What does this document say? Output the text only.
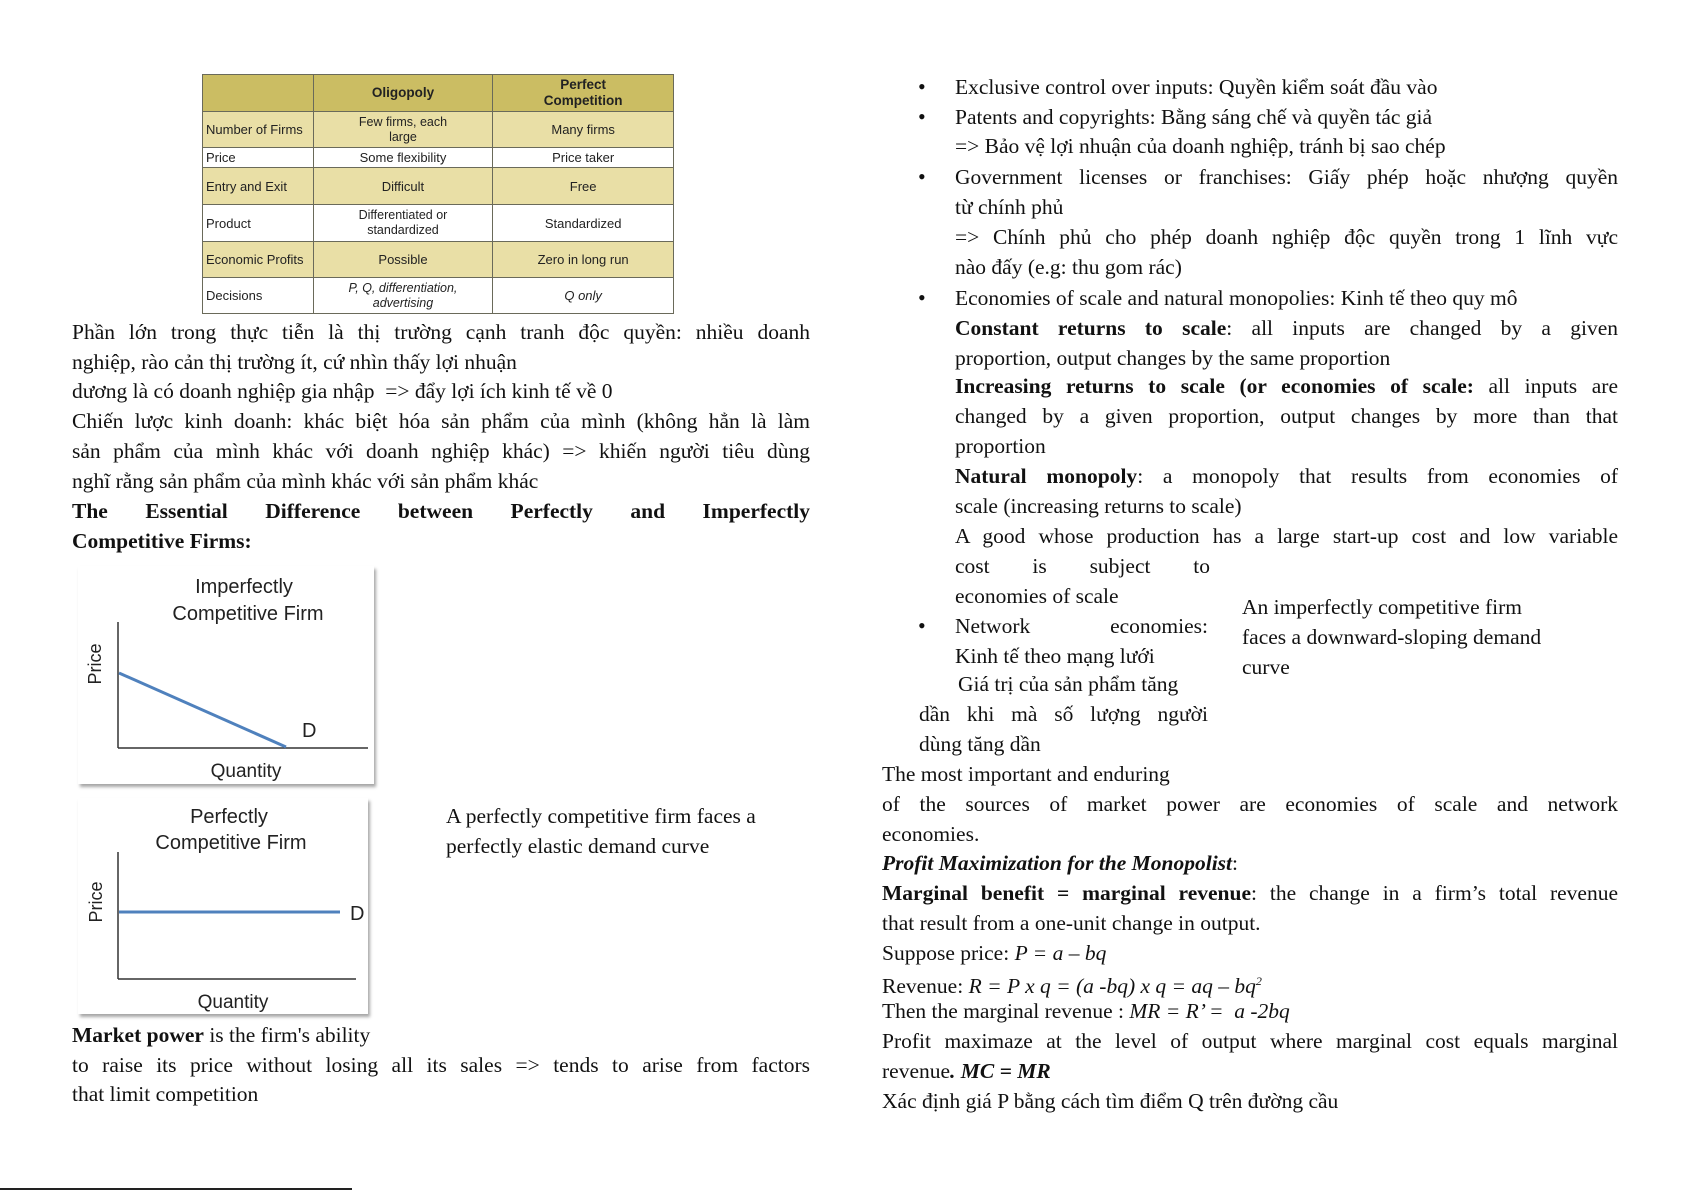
	Oligopoly	Perfect Competition
Number of Firms	Few firms, each large	Many firms
Price	Some flexibility	Price taker
Entry and Exit	Difficult	Free
Product	Differentiated or standardized	Standardized
Economic Profits	Possible	Zero in long run
Decisions	P, Q, differentiation, advertising	Q only
Phần lớn trong thực tiễn là thị trường cạnh tranh độc quyền: nhiều doanh
nghiệp, rào cản thị trường ít, cứ nhìn thấy lợi nhuận
dương là có doanh nghiệp gia nhập  => đẩy lợi ích kinh tế về 0
Chiến lược kinh doanh: khác biệt hóa sản phẩm của mình (không hẳn là làm
sản phẩm của mình khác với doanh nghiệp khác) => khiến người tiêu dùng
nghĩ rằng sản phẩm của mình khác với sản phẩm khác
The Essential Difference between Perfectly and Imperfectly
Competitive Firms:
Imperfectly
Competitive Firm
Price
D
Quantity
Perfectly
Competitive Firm
Price	D
Quantity
A perfectly competitive firm faces a
perfectly elastic demand curve
Market power is the firm's ability
to raise its price without losing all its sales => tends to arise from factors
that limit competition
• Exclusive control over inputs: Quyền kiểm soát đầu vào
• Patents and copyrights: Bằng sáng chế và quyền tác giả
=> Bảo vệ lợi nhuận của doanh nghiệp, tránh bị sao chép
• Government licenses or franchises: Giấy phép hoặc nhượng quyền
từ chính phủ
=> Chính phủ cho phép doanh nghiệp độc quyền trong 1 lĩnh vực
nào đấy (e.g: thu gom rác)
• Economies of scale and natural monopolies: Kinh tế theo quy mô
Constant returns to scale: all inputs are changed by a given
proportion, output changes by the same proportion
Increasing returns to scale (or economies of scale: all inputs are
changed by a given proportion, output changes by more than that
proportion
Natural monopoly: a monopoly that results from economies of
scale (increasing returns to scale)
A good whose production has a large start-up cost and low variable
cost is subject to
economies of scale
• Network economies:
Kinh tế theo mạng lưới
Giá trị của sản phẩm tăng
dần khi mà số lượng người
dùng tăng dần
An imperfectly competitive firm
faces a downward-sloping demand
curve
The most important and enduring
of the sources of market power are economies of scale and network
economies.
Profit Maximization for the Monopolist:
Marginal benefit = marginal revenue: the change in a firm’s total revenue
that result from a one-unit change in output.
Suppose price: P = a – bq
Revenue: R = P x q = (a -bq) x q = aq – $bq^2$
Then the marginal revenue : MR = R’ =  a -2bq
Profit maximaze at the level of output where marginal cost equals marginal
revenue. MC = MR
Xác định giá P bằng cách tìm điểm Q trên đường cầu
